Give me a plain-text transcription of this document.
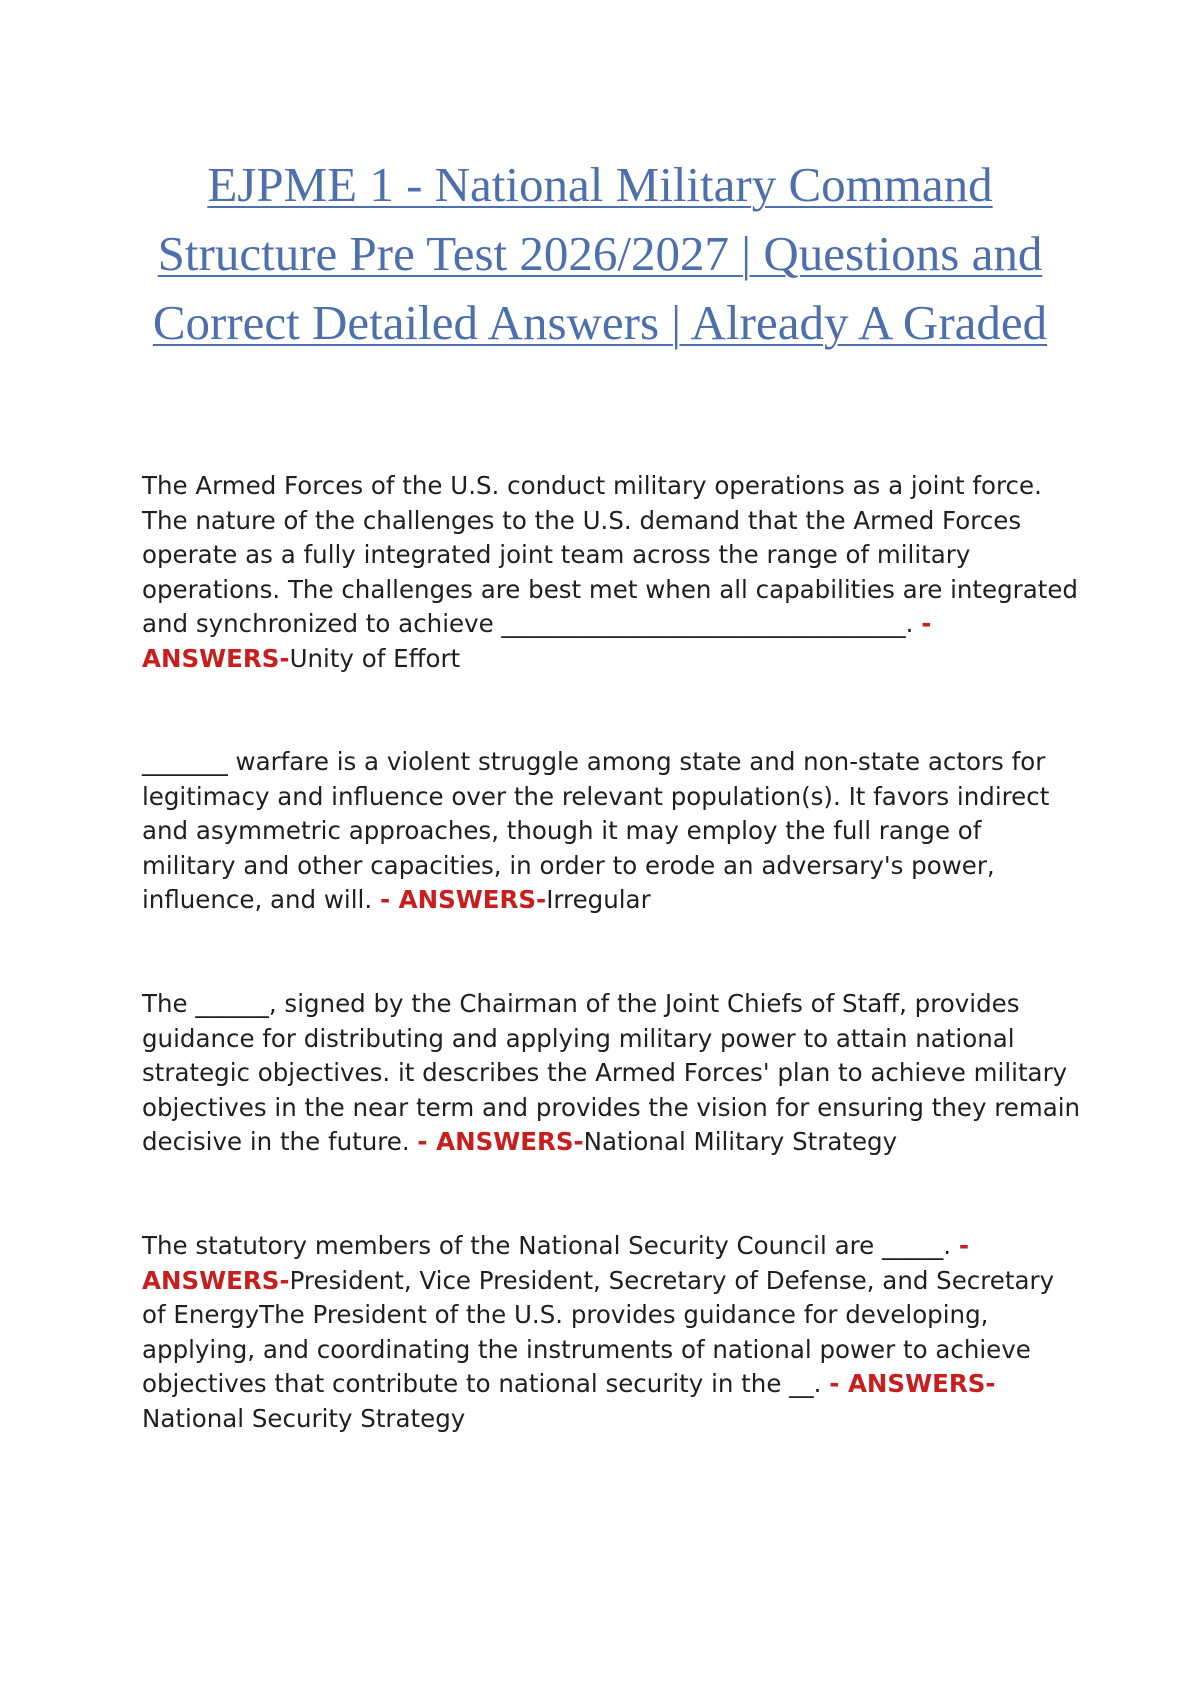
EJPME 1 - National Military Command Structure Pre Test 2026/2027 | Questions and Correct Detailed Answers | Already A Graded

The Armed Forces of the U.S. conduct military operations as a joint force. The nature of the challenges to the U.S. demand that the Armed Forces operate as a fully integrated joint team across the range of military operations. The challenges are best met when all capabilities are integrated and synchronized to achieve _________________________________. - ANSWERS-Unity of Effort

_______ warfare is a violent struggle among state and non-state actors for legitimacy and influence over the relevant population(s). It favors indirect and asymmetric approaches, though it may employ the full range of military and other capacities, in order to erode an adversary's power, influence, and will. - ANSWERS-Irregular

The ______, signed by the Chairman of the Joint Chiefs of Staff, provides guidance for distributing and applying military power to attain national strategic objectives. it describes the Armed Forces' plan to achieve military objectives in the near term and provides the vision for ensuring they remain decisive in the future. - ANSWERS-National Military Strategy

The statutory members of the National Security Council are _____. - ANSWERS-President, Vice President, Secretary of Defense, and Secretary of EnergyThe President of the U.S. provides guidance for developing, applying, and coordinating the instruments of national power to achieve objectives that contribute to national security in the __. - ANSWERS-National Security Strategy
